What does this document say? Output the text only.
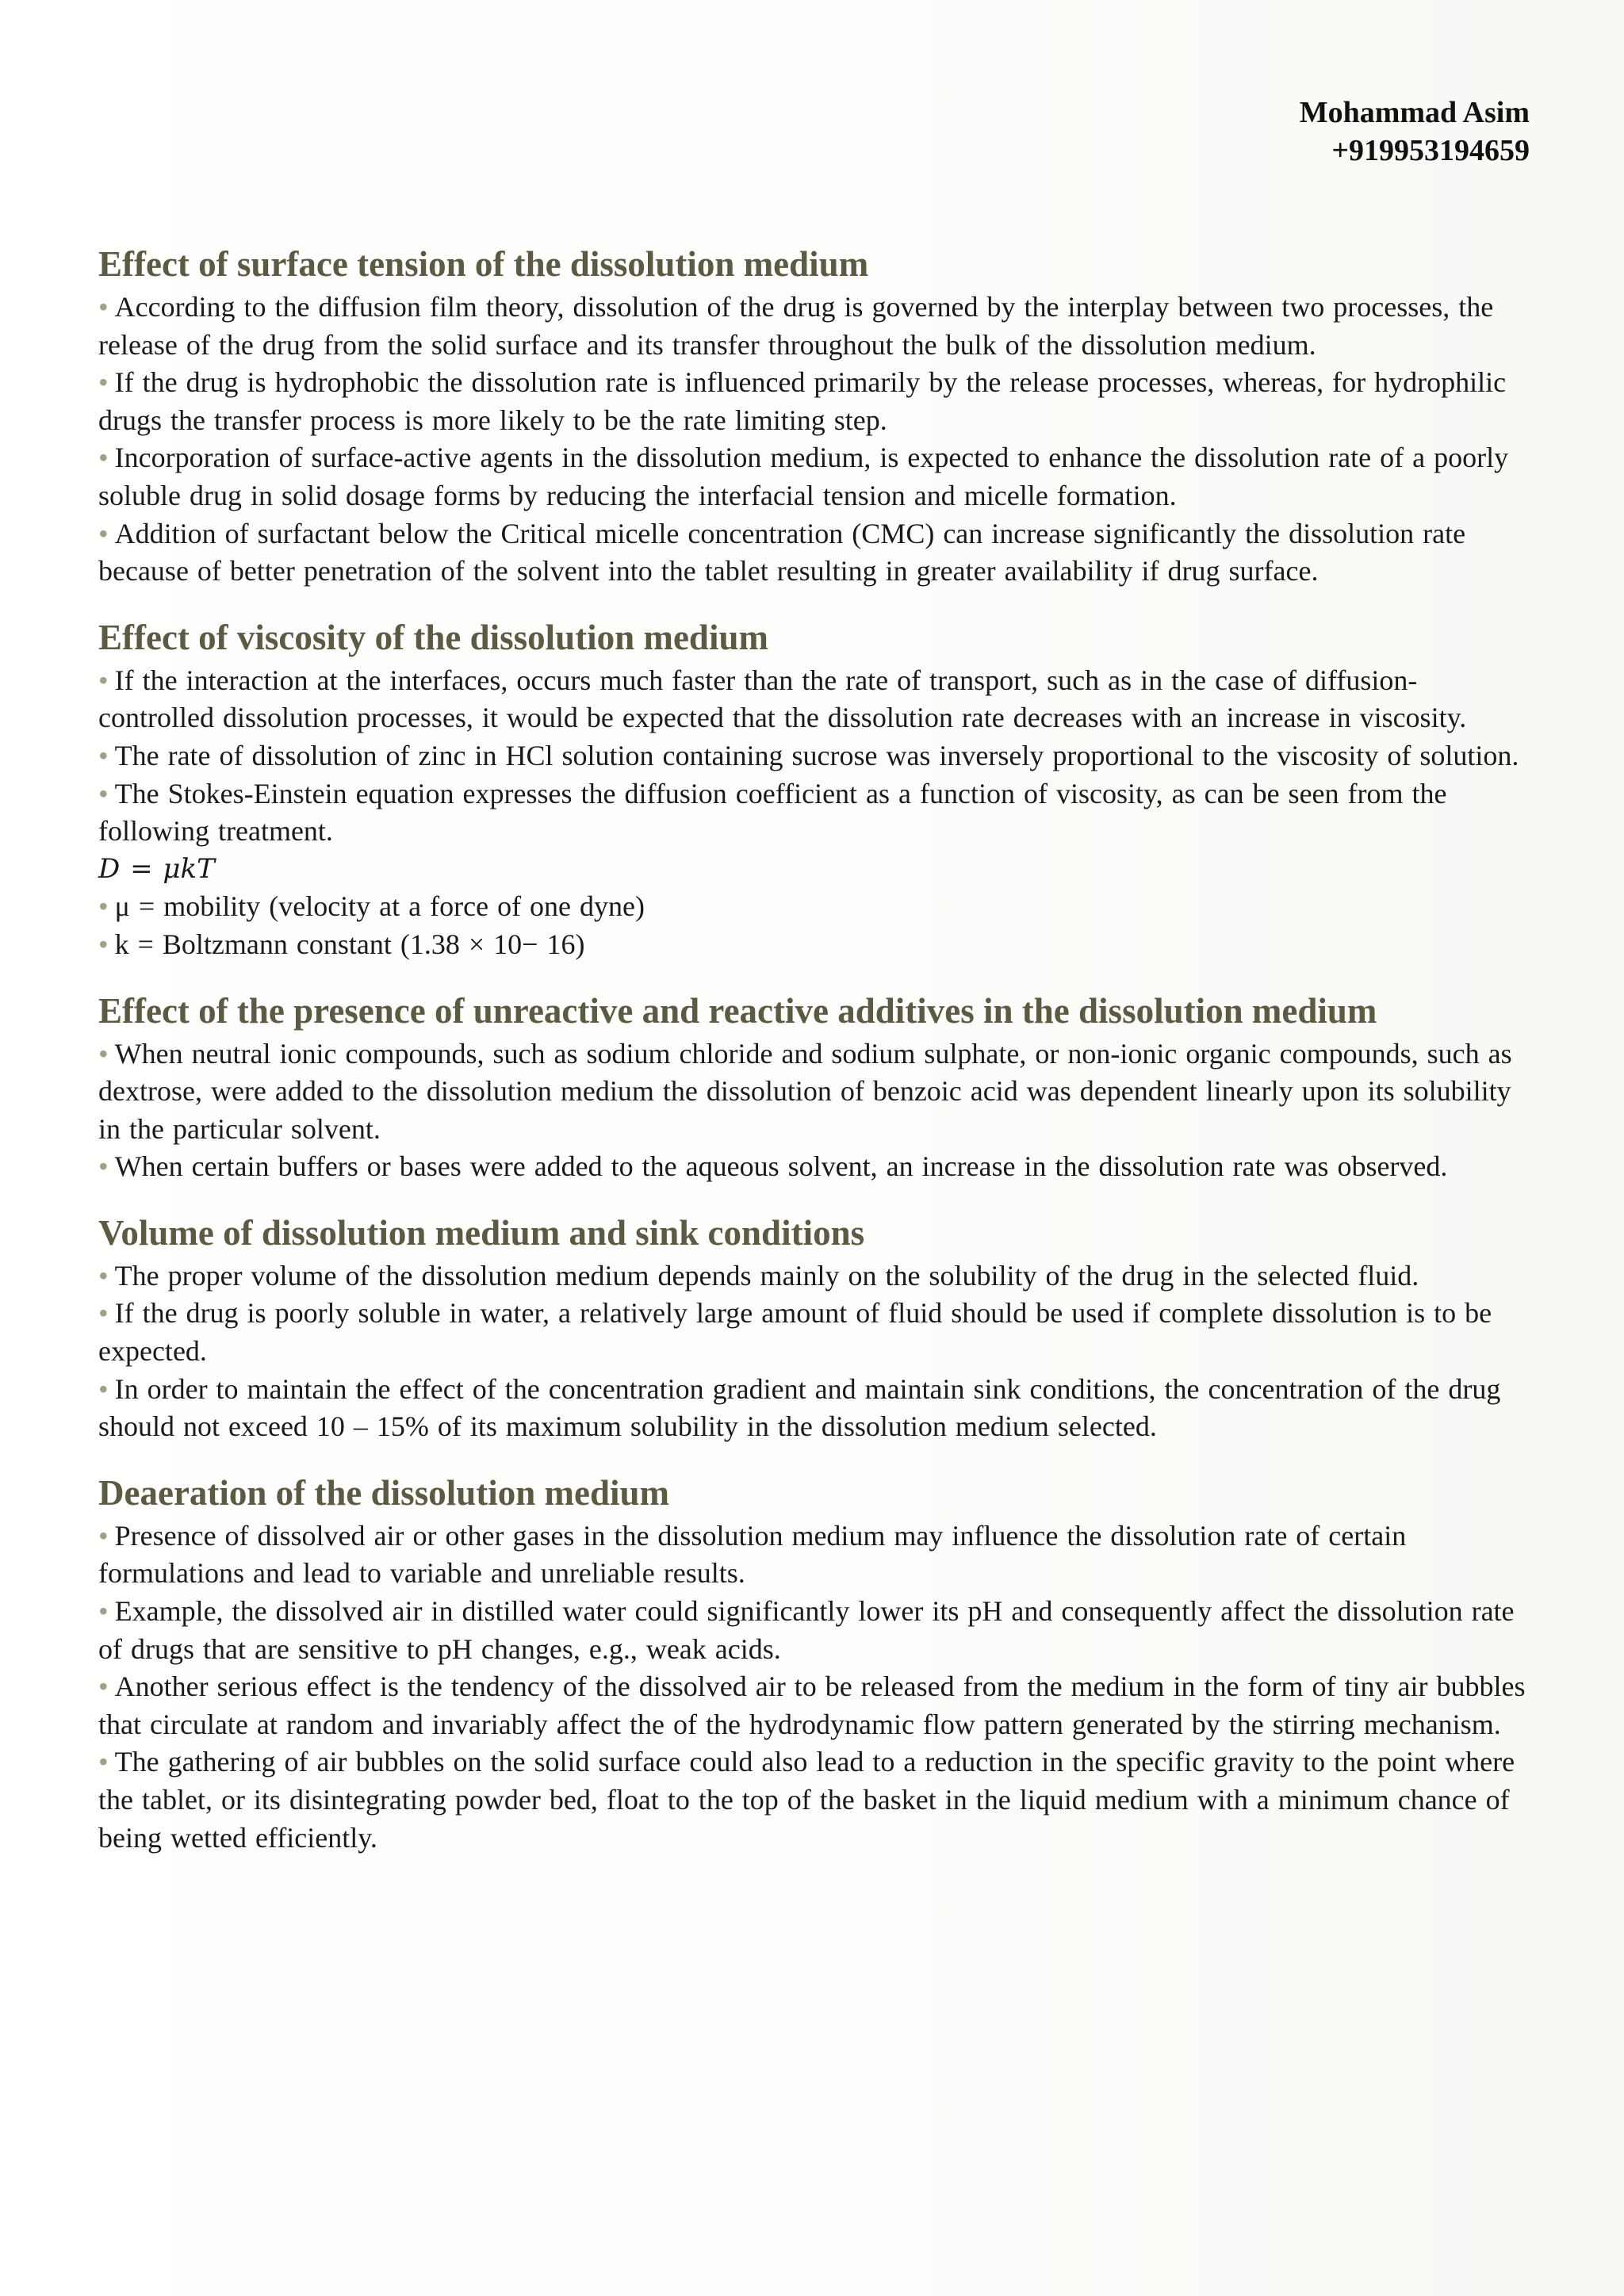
Mohammad Asim
+919953194659
Effect of surface tension of the dissolution medium

• According to the diffusion film theory, dissolution of the drug is governed by the interplay between two processes, the release of the drug from the solid surface and its transfer throughout the bulk of the dissolution medium.

• If the drug is hydrophobic the dissolution rate is influenced primarily by the release processes, whereas, for hydrophilic drugs the transfer process is more likely to be the rate limiting step.

• Incorporation of surface-active agents in the dissolution medium, is expected to enhance the dissolution rate of a poorly soluble drug in solid dosage forms by reducing the interfacial tension and micelle formation.

• Addition of surfactant below the Critical micelle concentration (CMC) can increase significantly the dissolution rate because of better penetration of the solvent into the tablet resulting in greater availability if drug surface.

Effect of viscosity of the dissolution medium

• If the interaction at the interfaces, occurs much faster than the rate of transport, such as in the case of diffusion-controlled dissolution processes, it would be expected that the dissolution rate decreases with an increase in viscosity.

• The rate of dissolution of zinc in HCl solution containing sucrose was inversely proportional to the viscosity of solution.

• The Stokes-Einstein equation expresses the diffusion coefficient as a function of viscosity, as can be seen from the following treatment.

D = μkT

• μ = mobility (velocity at a force of one dyne)

• k = Boltzmann constant (1.38 × 10− 16)

Effect of the presence of unreactive and reactive additives in the dissolution medium

• When neutral ionic compounds, such as sodium chloride and sodium sulphate, or non-ionic organic compounds, such as dextrose, were added to the dissolution medium the dissolution of benzoic acid was dependent linearly upon its solubility in the particular solvent.

• When certain buffers or bases were added to the aqueous solvent, an increase in the dissolution rate was observed.

Volume of dissolution medium and sink conditions

• The proper volume of the dissolution medium depends mainly on the solubility of the drug in the selected fluid.

• If the drug is poorly soluble in water, a relatively large amount of fluid should be used if complete dissolution is to be expected.

• In order to maintain the effect of the concentration gradient and maintain sink conditions, the concentration of the drug should not exceed 10 – 15% of its maximum solubility in the dissolution medium selected.

Deaeration of the dissolution medium

• Presence of dissolved air or other gases in the dissolution medium may influence the dissolution rate of certain formulations and lead to variable and unreliable results.

• Example, the dissolved air in distilled water could significantly lower its pH and consequently affect the dissolution rate of drugs that are sensitive to pH changes, e.g., weak acids.

• Another serious effect is the tendency of the dissolved air to be released from the medium in the form of tiny air bubbles that circulate at random and invariably affect the of the hydrodynamic flow pattern generated by the stirring mechanism.

• The gathering of air bubbles on the solid surface could also lead to a reduction in the specific gravity to the point where the tablet, or its disintegrating powder bed, float to the top of the basket in the liquid medium with a minimum chance of being wetted efficiently.
